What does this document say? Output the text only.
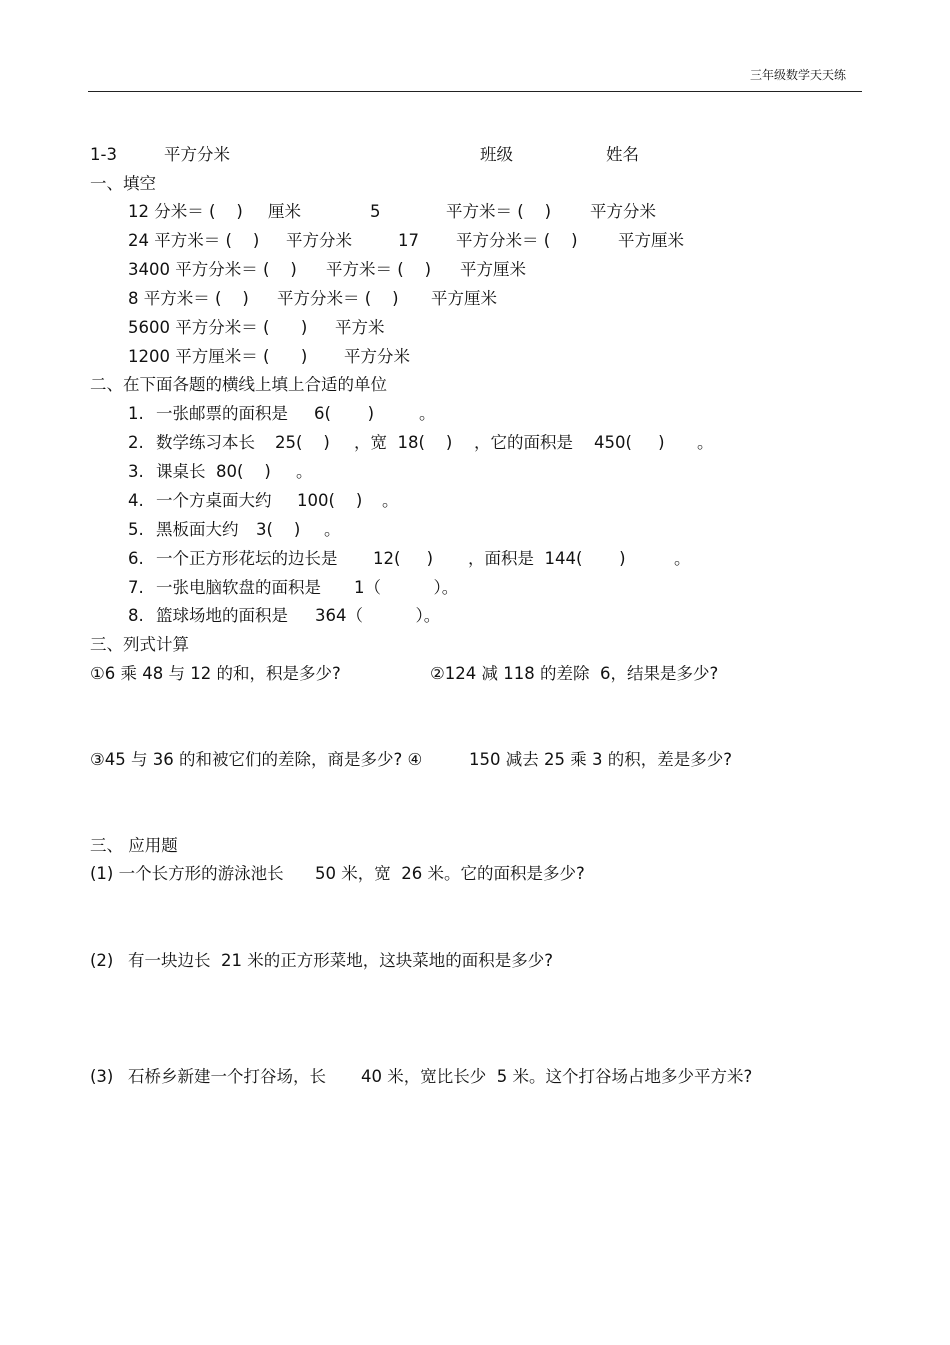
三年级数学天天练

1-3

	平方分米

	班级

	姓名

一、填空

12 分米＝ (    )

厘米

	5

	平方米＝ (    )

平方分米

24 平方米＝ (    )

平方分米

	17

平方分米＝ (    )

平方厘米

3400 平方分米＝ (    )

平方米＝ (    )

平方厘米

8 平方米＝ (    )

平方分米＝ (    )

平方厘米

5600 平方分米＝ (      )

平方米

1200 平方厘米＝ (      )

平方分米

二、在下面各题的横线上填上合适的单位

1.

一张邮票的面积是

6(       )

	。

2.

数学练习本长

25(    )

，宽  18(    )

，它的面积是

450(     )

。

3.

课桌长  80(    )

。

4.

一个方桌面大约

100(    )

。

5.

黑板面大约

3(    )

。

6.

一个正方形花坛的边长是

12(     )

，面积是  144(       )

	。

7.

一张电脑软盘的面积是

1（          ）。

8.

篮球场地的面积是

364（          ）。

三、列式计算
①6 乘 48 与 12 的和，积是多少?	②124 减 118 的差除  6，结果是多少?
③45 与 36 的和被它们的差除，商是多少? ④	150 减去 25 乘 3 的积，差是多少?
三、 应用题

(1) 一个长方形的游泳池长

50 米，宽  26 米。它的面积是多少?

(2)

有一块边长  21 米的正方形菜地，这块菜地的面积是多少?

(3)

石桥乡新建一个打谷场，长

40 米，宽比长少  5 米。这个打谷场占地多少平方米?
